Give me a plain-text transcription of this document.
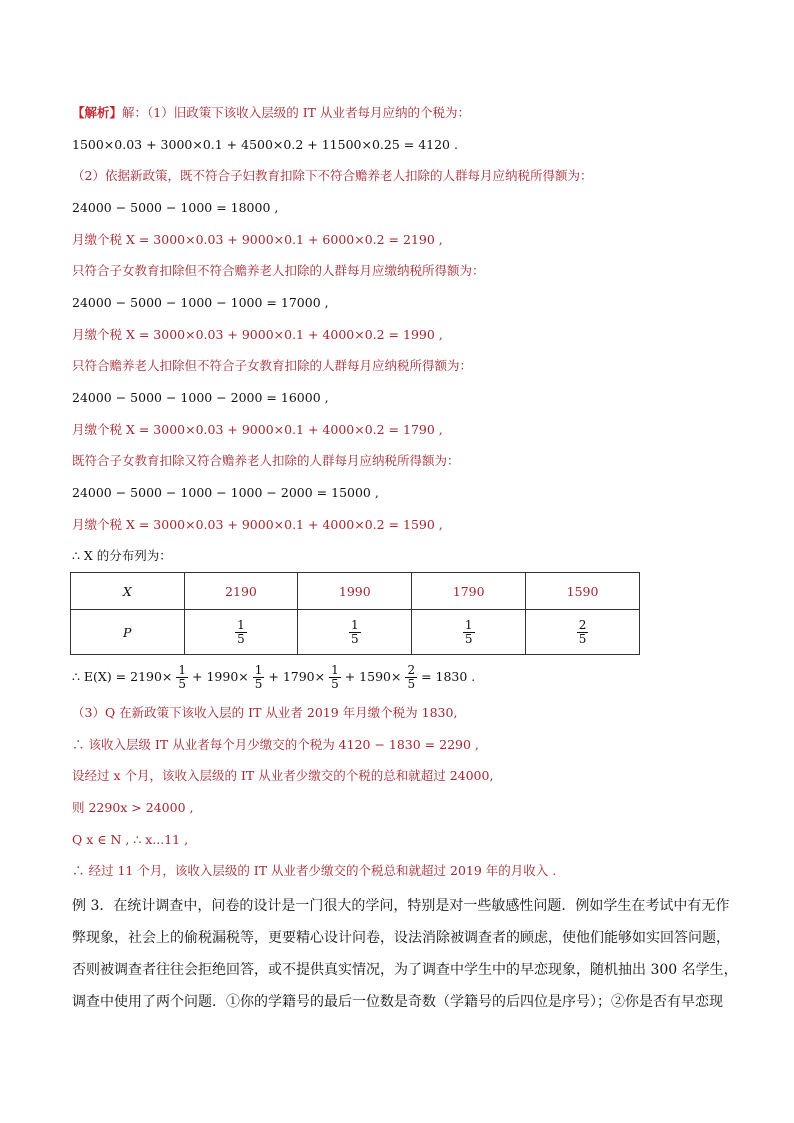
【解析】解：（1）旧政策下该收入层级的 IT 从业者每月应纳的个税为：
1500×0.03 + 3000×0.1 + 4500×0.2 + 11500×0.25 = 4120 .
（2）依据新政策，既不符合子妇教育扣除下不符合赡养老人扣除的人群每月应纳税所得额为：
24000 − 5000 − 1000 = 18000 ,
月缴个税 X = 3000×0.03 + 9000×0.1 + 6000×0.2 = 2190 ,
只符合子女教育扣除但不符合赡养老人扣除的人群每月应缴纳税所得额为：
24000 − 5000 − 1000 − 1000 = 17000 ,
月缴个税 X = 3000×0.03 + 9000×0.1 + 4000×0.2 = 1990 ,
只符合赡养老人扣除但不符合子女教育扣除的人群每月应纳税所得额为：
24000 − 5000 − 1000 − 2000 = 16000 ,
月缴个税 X = 3000×0.03 + 9000×0.1 + 4000×0.2 = 1790 ,
既符合子女教育扣除又符合赡养老人扣除的人群每月应纳税所得额为：
24000 − 5000 − 1000 − 1000 − 2000 = 15000 ,
月缴个税 X = 3000×0.03 + 9000×0.1 + 4000×0.2 = 1590 ,
∴ X 的分布列为：
X	2190	1990	1790	1590
P	$\frac{1}{5}$	$\frac{1}{5}$	$\frac{1}{5}$	$\frac{2}{5}$
∴ $E(X) = 2190\times \frac{1}{5} + 1990\times \frac{1}{5} + 1790\times \frac{1}{5} + 1590\times \frac{2}{5} = 1830$ .
（3）Q 在新政策下该收入层的 IT 从业者 2019 年月缴个税为 1830,
∴ 该收入层级 IT 从业者每个月少缴交的个税为 4120 − 1830 = 2290 ,
设经过 x 个月，该收入层级的 IT 从业者少缴交的个税的总和就超过 24000,
则 2290x > 24000 ,
Q x ∈ N , ∴ x...11 ,
∴ 经过 11 个月，该收入层级的 IT 从业者少缴交的个税总和就超过 2019 年的月收入 .
例 3．在统计调查中，问卷的设计是一门很大的学问，特别是对一些敏感性问题．例如学生在考试中有无作
弊现象，社会上的偷税漏税等，更要精心设计问卷，设法消除被调查者的顾虑，使他们能够如实回答问题，
否则被调查者往往会拒绝回答，或不提供真实情况，为了调查中学生中的早恋现象，随机抽出 300 名学生，
调查中使用了两个问题．①你的学籍号的最后一位数是奇数（学籍号的后四位是序号）；②你是否有早恋现
